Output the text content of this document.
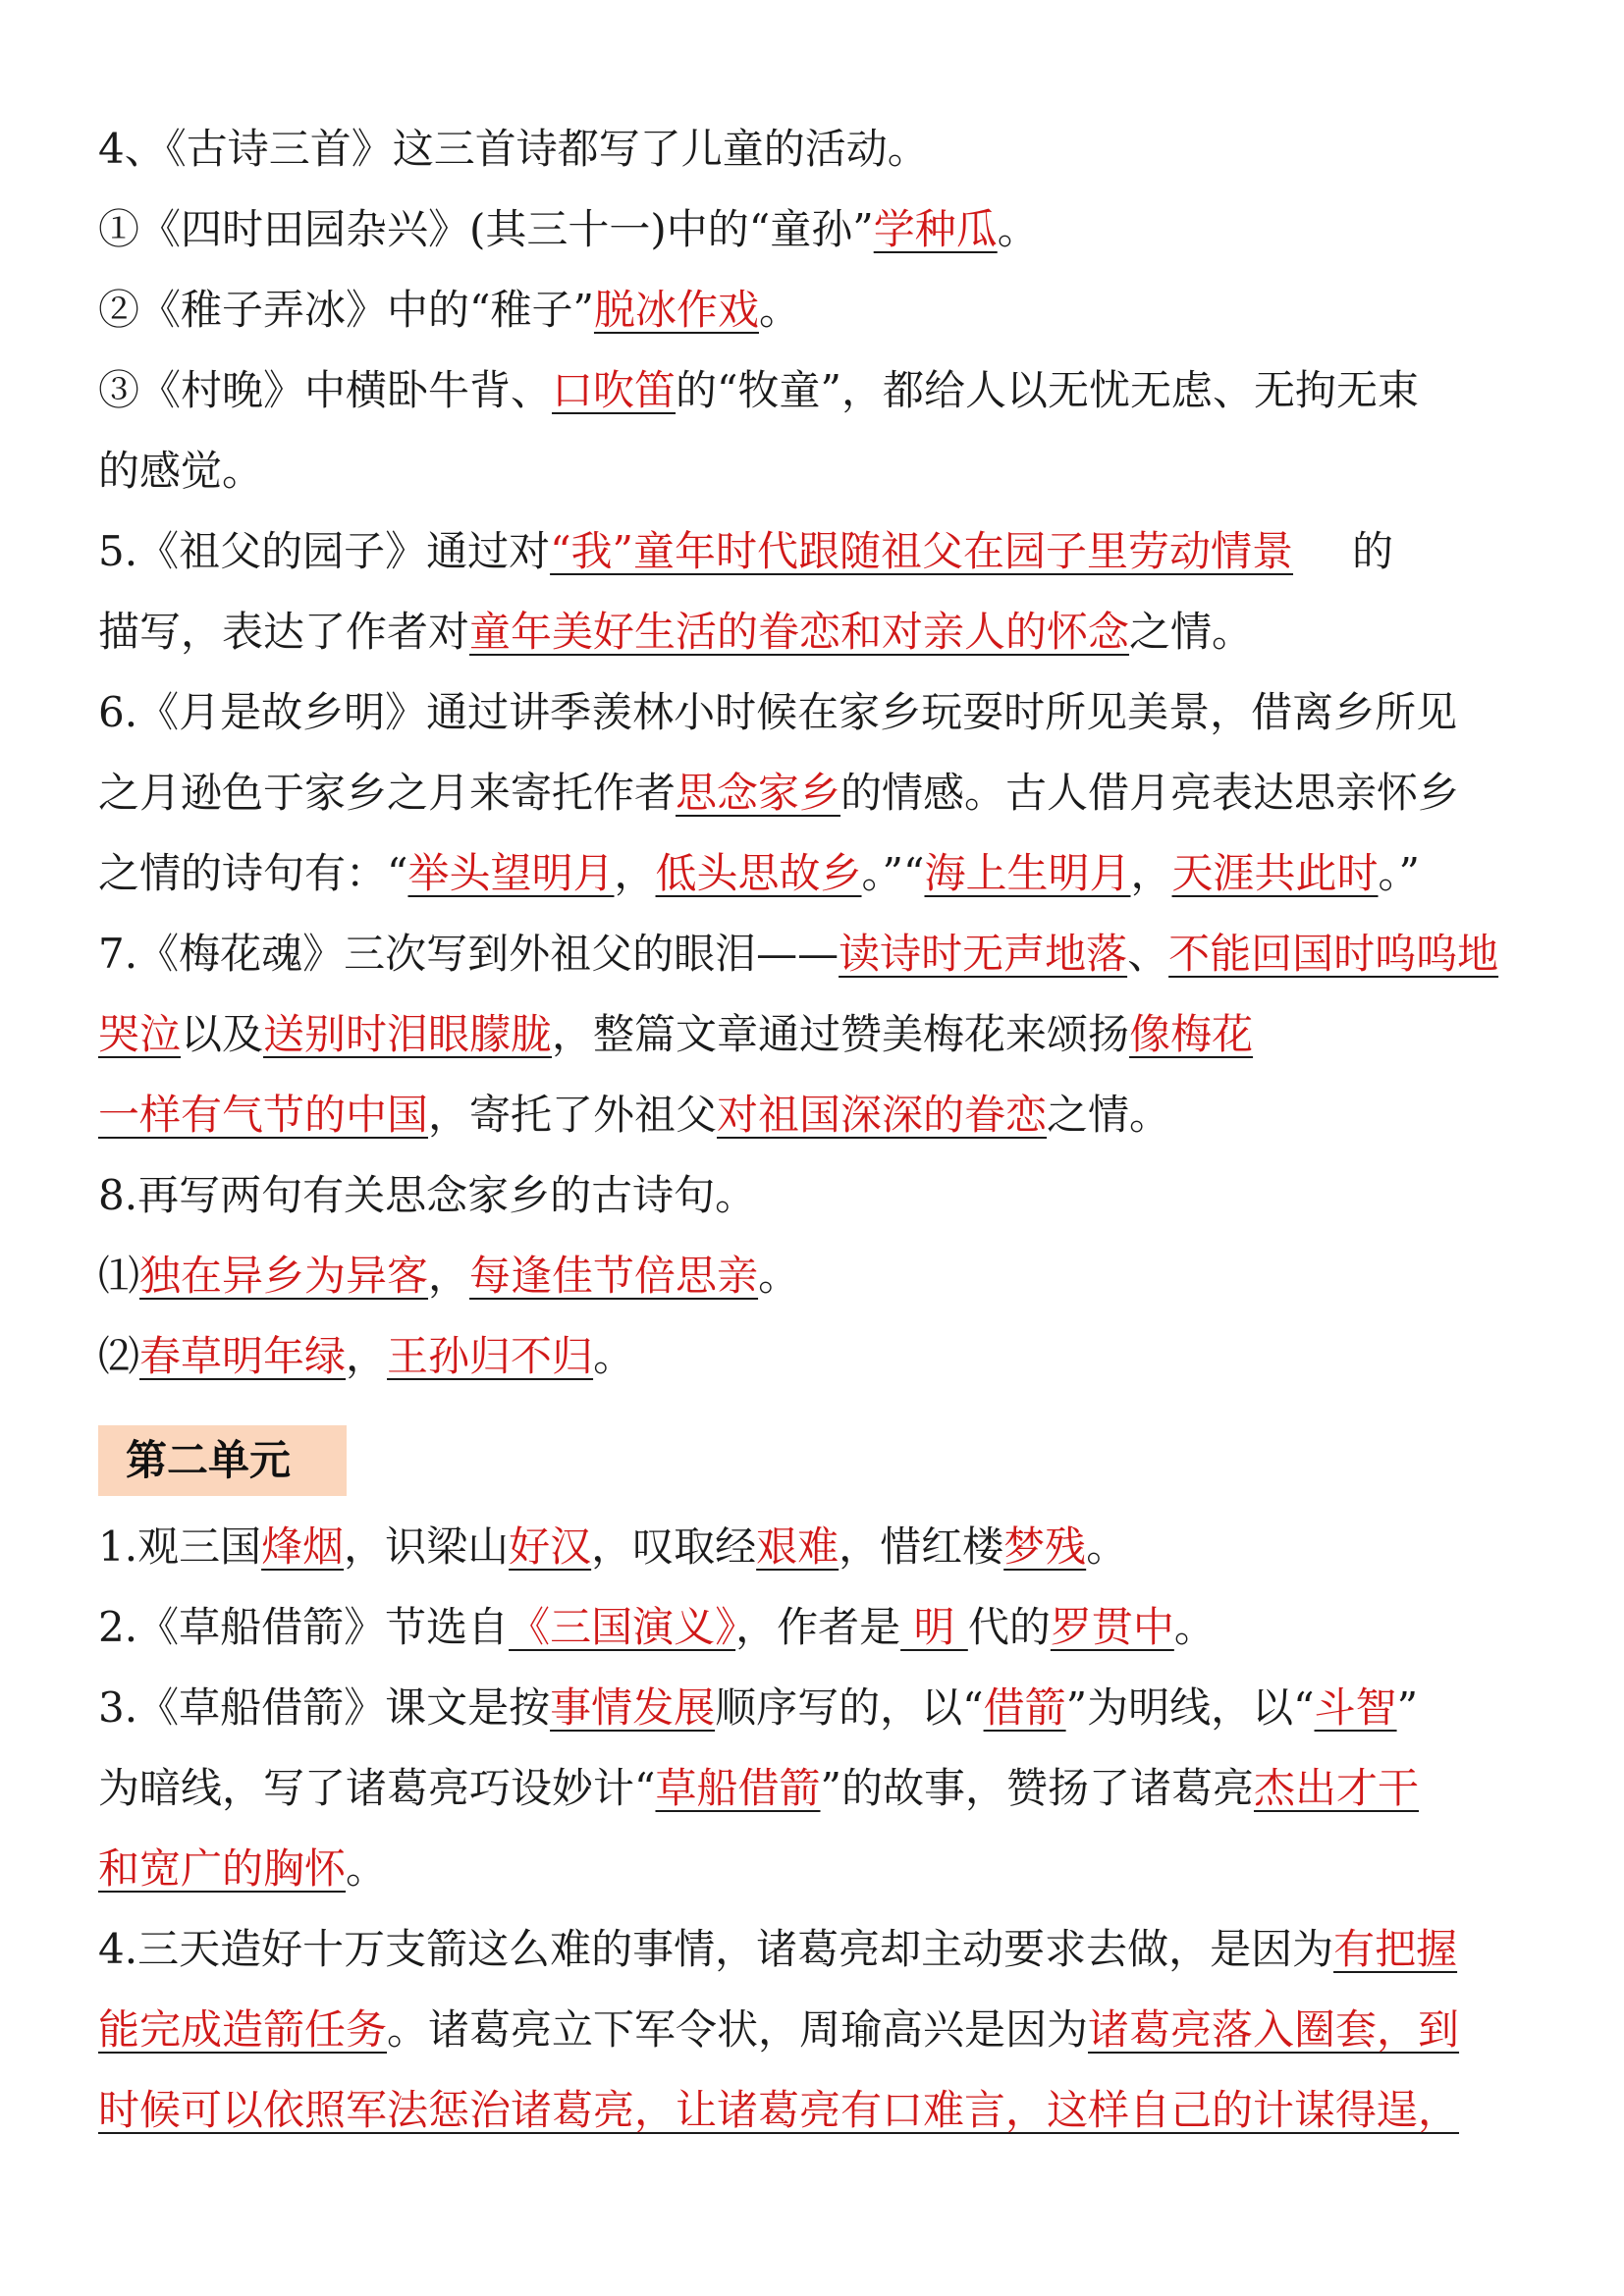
4、《古诗三首》这三首诗都写了儿童的活动。
①《四时田园杂兴》(其三十一)中的“童孙”学种瓜。
②《稚子弄冰》中的“稚子”脱冰作戏。
③《村晚》中横卧牛背、口吹笛的“牧童”，都给人以无忧无虑、无拘无束
的感觉。
5.《祖父的园子》通过对“我”童年时代跟随祖父在园子里劳动情景 的
描写，表达了作者对童年美好生活的眷恋和对亲人的怀念之情。
6.《月是故乡明》通过讲季羡林小时候在家乡玩耍时所见美景，借离乡所见
之月逊色于家乡之月来寄托作者思念家乡的情感。古人借月亮表达思亲怀乡
之情的诗句有：“举头望明月，低头思故乡。”“海上生明月，天涯共此时。”
7.《梅花魂》三次写到外祖父的眼泪——读诗时无声地落、不能回国时呜呜地
哭泣以及送别时泪眼朦胧，整篇文章通过赞美梅花来颂扬像梅花
一样有气节的中国，寄托了外祖父对祖国深深的眷恋之情。
8.再写两句有关思念家乡的古诗句。
⑴独在异乡为异客，每逢佳节倍思亲。
⑵春草明年绿，王孙归不归。
第二单元
1.观三国烽烟，识梁山好汉，叹取经艰难，惜红楼梦残。
2.《草船借箭》节选自《三国演义》，作者是 明 代的罗贯中。
3.《草船借箭》课文是按事情发展顺序写的，以“借箭”为明线，以“斗智”
为暗线，写了诸葛亮巧设妙计“草船借箭”的故事，赞扬了诸葛亮杰出才干
和宽广的胸怀。
4.三天造好十万支箭这么难的事情，诸葛亮却主动要求去做，是因为有把握
能完成造箭任务。诸葛亮立下军令状，周瑜高兴是因为诸葛亮落入圈套，到
时候可以依照军法惩治诸葛亮，让诸葛亮有口难言，这样自己的计谋得逞，
